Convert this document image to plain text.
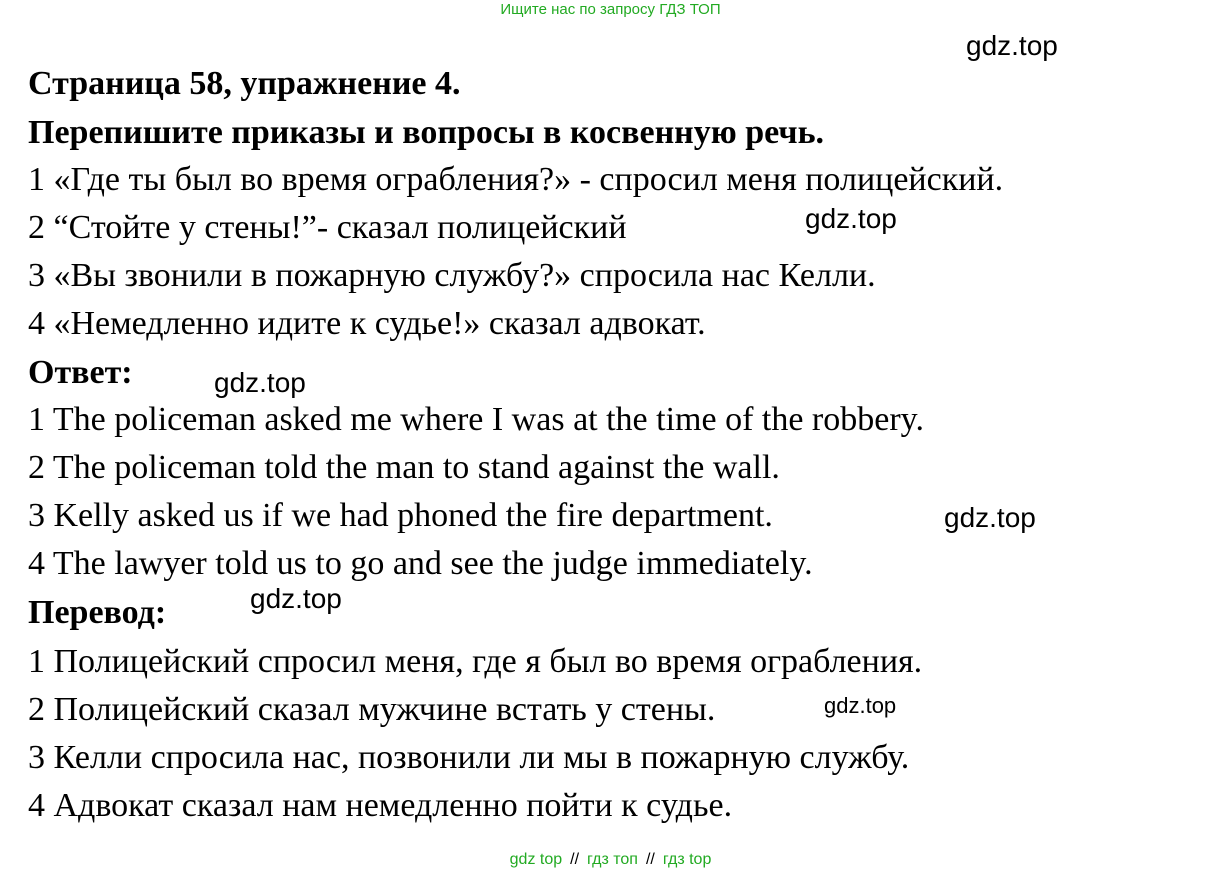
Ищите нас по запросу ГДЗ ТОП
gdz.top
Страница 58, упражнение 4.
Перепишите приказы и вопросы в косвенную речь.
1 «Где ты был во время ограбления?» - спросил меня полицейский.
2 “Стойте у стены!”- сказал полицейский	gdz.top
3 «Вы звонили в пожарную службу?» спросила нас Келли.
4 «Немедленно идите к судье!» сказал адвокат.
Ответ:	gdz.top
1 The policeman asked me where I was at the time of the robbery.
2 The policeman told the man to stand against the wall.
3 Kelly asked us if we had phoned the fire department.	gdz.top
4 The lawyer told us to go and see the judge immediately.
Перевод:	gdz.top
1 Полицейский спросил меня, где я был во время ограбления.
2 Полицейский сказал мужчине встать у стены.	gdz.top
3 Келли спросила нас, позвонили ли мы в пожарную службу.
4 Адвокат сказал нам немедленно пойти к судье.
gdz top // гдз топ // гдз top
